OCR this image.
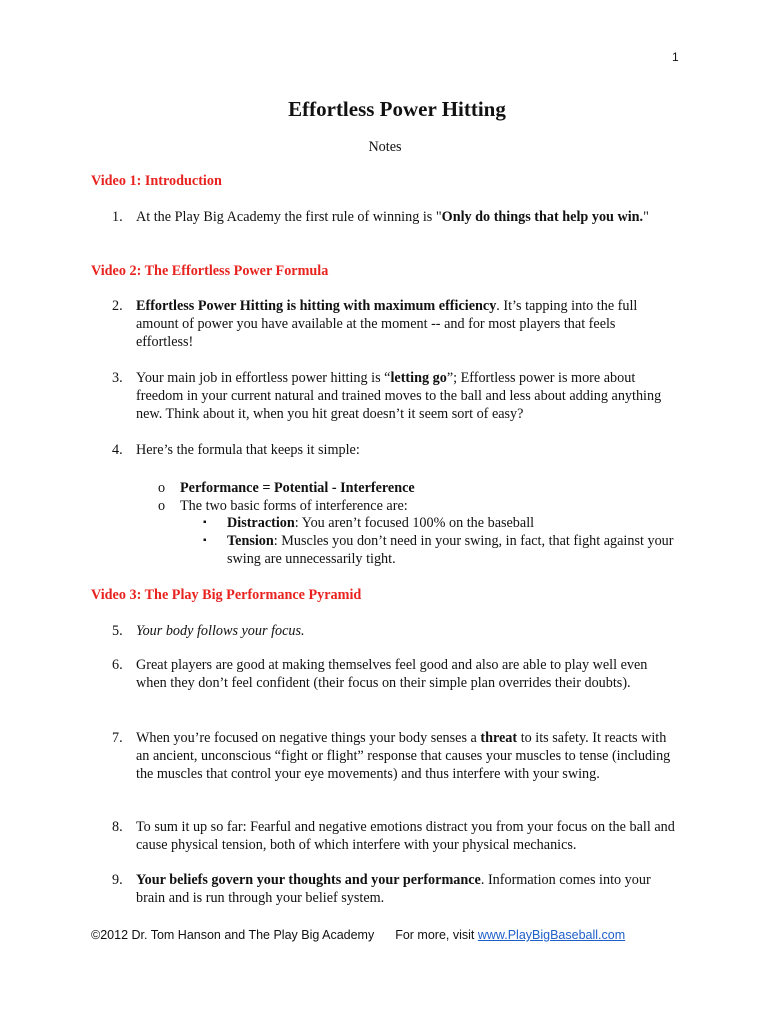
1
Effortless Power Hitting
Notes
Video 1: Introduction
1. At the Play Big Academy the first rule of winning is "Only do things that help you win."
Video 2: The Effortless Power Formula
2. Effortless Power Hitting is hitting with maximum efficiency. It’s tapping into the full amount of power you have available at the moment -- and for most players that feels effortless!
3. Your main job in effortless power hitting is “letting go”; Effortless power is more about freedom in your current natural and trained moves to the ball and less about adding anything new. Think about it, when you hit great doesn’t it seem sort of easy?
4. Here’s the formula that keeps it simple:
o Performance = Potential - Interference
o The two basic forms of interference are:
▪ Distraction: You aren’t focused 100% on the baseball
▪ Tension: Muscles you don’t need in your swing, in fact, that fight against your swing are unnecessarily tight.
Video 3: The Play Big Performance Pyramid
5. Your body follows your focus.
6. Great players are good at making themselves feel good and also are able to play well even when they don’t feel confident (their focus on their simple plan overrides their doubts).
7. When you’re focused on negative things your body senses a threat to its safety. It reacts with an ancient, unconscious “fight or flight” response that causes your muscles to tense (including the muscles that control your eye movements) and thus interfere with your swing.
8. To sum it up so far: Fearful and negative emotions distract you from your focus on the ball and cause physical tension, both of which interfere with your physical mechanics.
9. Your beliefs govern your thoughts and your performance. Information comes into your brain and is run through your belief system.
©2012 Dr. Tom Hanson and The Play Big Academy For more, visit www.PlayBigBaseball.com
